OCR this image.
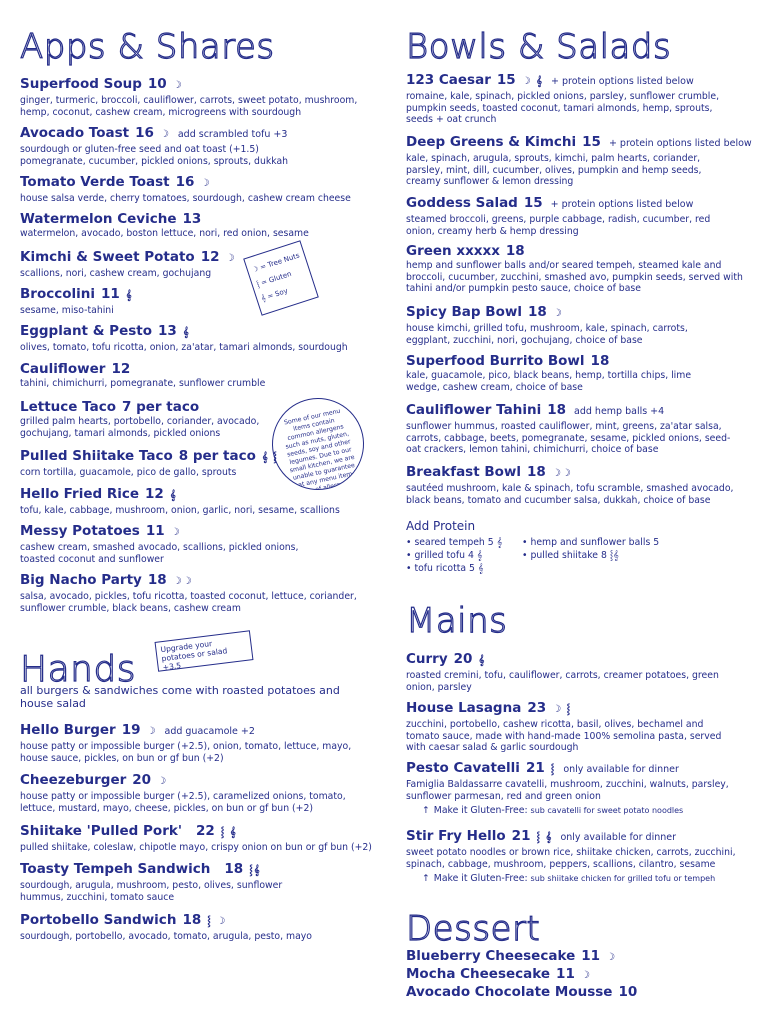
Apps & Shares
Superfood Soup 10 ☽
ginger, turmeric, broccoli, cauliflower, carrots, sweet potato, mushroom, hemp, coconut, cashew cream, microgreens with sourdough
Avocado Toast 16 ☽ add scrambled tofu +3
sourdough or gluten-free seed and oat toast (+1.5) pomegranate, cucumber, pickled onions, sprouts, dukkah
Tomato Verde Toast 16 ☽
house salsa verde, cherry tomatoes, sourdough, cashew cream cheese
Watermelon Ceviche 13
watermelon, avocado, boston lettuce, nori, red onion, sesame
Kimchi & Sweet Potato 12 ☽
scallions, nori, cashew cream, gochujang
Broccolini 11 𝄞
sesame, miso-tahini
Eggplant & Pesto 13 𝄞
olives, tomato, tofu ricotta, onion, za'atar, tamari almonds, sourdough
Cauliflower 12
tahini, chimichurri, pomegranate, sunflower crumble
Lettuce Taco 7 per taco
grilled palm hearts, portobello, coriander, avocado, gochujang, tamari almonds, pickled onions
Pulled Shiitake Taco 8 per taco 𝄞 ⸾
corn tortilla, guacamole, pico de gallo, sprouts
Hello Fried Rice 12 𝄞
tofu, kale, cabbage, mushroom, onion, garlic, nori, sesame, scallions
Messy Potatoes 11 ☽
cashew cream, smashed avocado, scallions, pickled onions, toasted coconut and sunflower
Big Nacho Party 18 ☽☽
salsa, avocado, pickles, tofu ricotta, toasted coconut, lettuce, coriander, sunflower crumble, black beans, cashew cream
Hands
all burgers & sandwiches come with roasted potatoes and house salad
Hello Burger 19 ☽ add guacamole +2
house patty or impossible burger (+2.5), onion, tomato, lettuce, mayo, house sauce, pickles, on bun or gf bun (+2)
Cheezeburger 20 ☽
house patty or impossible burger (+2.5), caramelized onions, tomato, lettuce, mustard, mayo, cheese, pickles, on bun or gf bun (+2)
Shiitake 'Pulled Pork' 22 ⸾ 𝄞
pulled shiitake, coleslaw, chipotle mayo, crispy onion on bun or gf bun (+2)
Toasty Tempeh Sandwich 18 ⸾𝄞
sourdough, arugula, mushroom, pesto, olives, sunflower hummus, zucchini, tomato sauce
Portobello Sandwich 18 ⸾ ☽
sourdough, portobello, avocado, tomato, arugula, pesto, mayo
☽ = Tree Nuts
⸾ = Gluten
𝄞 = Soy
Some of our menu items contain common allergens such as nuts, gluten, seeds, soy and other legumes. Due to our small kitchen, we are unable to guarantee that any menu item is free of allergens.
Upgrade your potatoes or salad +3.5
Bowls & Salads
123 Caesar 15 ☽ 𝄞 + protein options listed below
romaine, kale, spinach, pickled onions, parsley, sunflower crumble, pumpkin seeds, toasted coconut, tamari almonds, hemp, sprouts, seeds + oat crunch
Deep Greens & Kimchi 15 + protein options listed below
kale, spinach, arugula, sprouts, kimchi, palm hearts, coriander, parsley, mint, dill, cucumber, olives, pumpkin and hemp seeds, creamy sunflower & lemon dressing
Goddess Salad 15 + protein options listed below
steamed broccoli, greens, purple cabbage, radish, cucumber, red onion, creamy herb & hemp dressing
Green xxxxx 18
hemp and sunflower balls and/or seared tempeh, steamed kale and broccoli, cucumber, zucchini, smashed avo, pumpkin seeds, served with tahini and/or pumpkin pesto sauce, choice of base
Spicy Bap Bowl 18 ☽
house kimchi, grilled tofu, mushroom, kale, spinach, carrots, eggplant, zucchini, nori, gochujang, choice of base
Superfood Burrito Bowl 18
kale, guacamole, pico, black beans, hemp, tortilla chips, lime wedge, cashew cream, choice of base
Cauliflower Tahini 18 add hemp balls +4
sunflower hummus, roasted cauliflower, mint, greens, za'atar salsa, carrots, cabbage, beets, pomegranate, sesame, pickled onions, seed-oat crackers, lemon tahini, chimichurri, choice of base
Breakfast Bowl 18 ☽☽
sautéed mushroom, kale & spinach, tofu scramble, smashed avocado, black beans, tomato and cucumber salsa, dukkah, choice of base
Add Protein
• seared tempeh 5 𝄞 • hemp and sunflower balls 5
• grilled tofu 4 𝄞	• pulled shiitake 8 ⸾𝄞
• tofu ricotta 5 𝄞
Mains
Curry 20 𝄞
roasted cremini, tofu, cauliflower, carrots, creamer potatoes, green onion, parsley
House Lasagna 23 ☽ ⸾
zucchini, portobello, cashew ricotta, basil, olives, bechamel and tomato sauce, made with hand-made 100% semolina pasta, served with caesar salad & garlic sourdough
Pesto Cavatelli 21 ⸾ only available for dinner
Famiglia Baldassarre cavatelli, mushroom, zucchini, walnuts, parsley, sunflower parmesan, red and green onion
↑ Make it Gluten-Free: sub cavatelli for sweet potato noodles
Stir Fry Hello 21 ⸾ 𝄞 only available for dinner
sweet potato noodles or brown rice, shiitake chicken, carrots, zucchini, spinach, cabbage, mushroom, peppers, scallions, cilantro, sesame
↑ Make it Gluten-Free: sub shiitake chicken for grilled tofu or tempeh
Dessert
Blueberry Cheesecake 11 ☽
Mocha Cheesecake 11 ☽
Avocado Chocolate Mousse 10
